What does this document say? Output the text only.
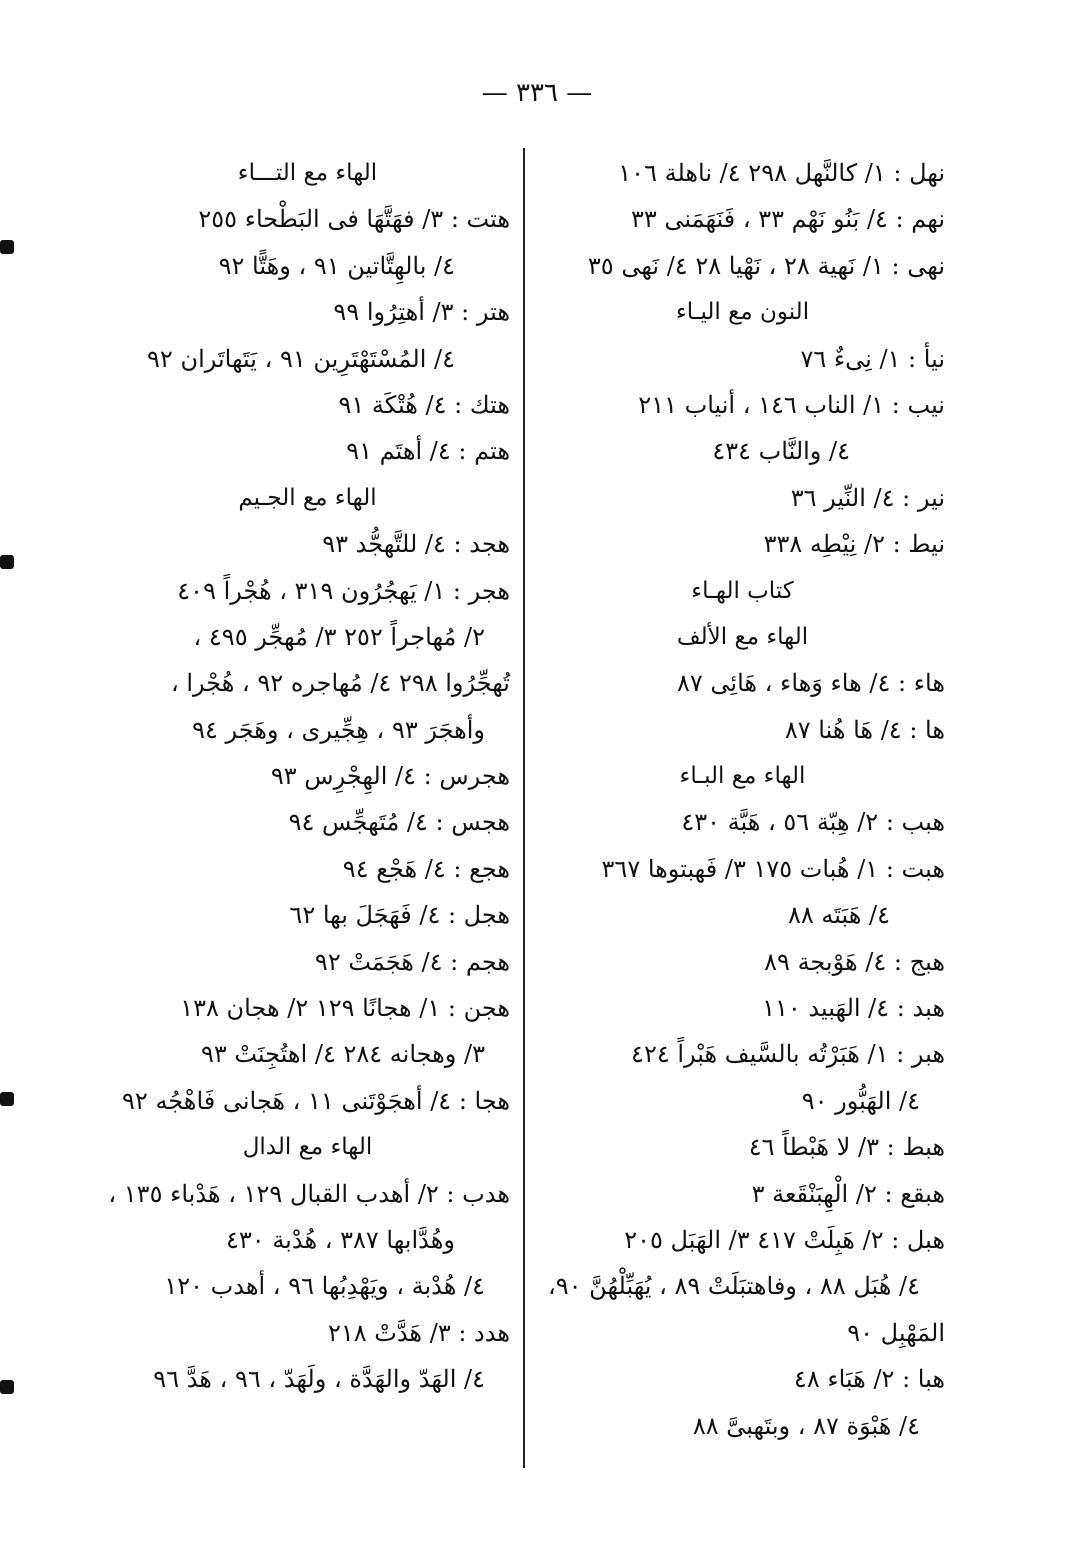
— ٣٣٦ —
نهل : ١/ كالنَّهل ٢٩٨ ٤/ ناهلة ١٠٦
نهم : ٤/ بَنُو نَهْم ٣٣ ، فَنَهَمَنى ٣٣
نهى : ١/ نَهية ٢٨ ، نَهْيا ٢٨ ٤/ نَهى ٣٥
النون مع اليـاء
نيأ : ١/ نِىءٌ ٧٦
نيب : ١/ الناب ١٤٦ ، أنياب ٢١١
٤/ والنَّاب ٤٣٤
نير : ٤/ النِّير ٣٦
نيط : ٢/ نِيْطِه ٣٣٨
كتاب الهـاء
الهاء مع الألف
هاء : ٤/ هاء وَهاء ، هَائِى ٨٧
ها : ٤/ هَا هُنا ٨٧
الهاء مع البـاء
هبب : ٢/ هِبّة ٥٦ ، هَبَّة ٤٣٠
هبت : ١/ هُبات ١٧٥ ٣/ فَهبتوها ٣٦٧
٤/ هَبَتَه ٨٨
هبج : ٤/ هَوْبجة ٨٩
هبد : ٤/ الهَبيد ١١٠
هبر : ١/ هَبَرْتُه بالسَّيف هَبْراً ٤٢٤
٤/ الهَبُّور ٩٠
هبط : ٣/ لا هَبْطاً ٤٦
هبقع : ٢/ الْهِبَنْقَعة ٣
هبل : ٢/ هَبِلَتْ ٤١٧ ٣/ الهَبَل ٢٠٥
٤/ هُبَل ٨٨ ، وفاهتبَلَتْ ٨٩ ، يُهَبِّلْهُنَّ ٩٠،
المَهْبِل ٩٠
هبا : ٢/ هَبَاء ٤٨
٤/ هَبْوَة ٨٧ ، وبتَهبىَّ ٨٨
الهاء مع التـــاء
هتت : ٣/ فهَتَّهَا فى البَطْحاء ٢٥٥
٤/ بالهِتَّاتين ٩١ ، وهَتًّا ٩٢
هتر : ٣/ أهتِرُوا ٩٩
٤/ المُسْتَهْتَرِين ٩١ ، يَتَهاتَران ٩٢
هتك : ٤/ هُتْكَة ٩١
هتم : ٤/ أهتَم ٩١
الهاء مع الجـيم
هجد : ٤/ للتَّهجُّد ٩٣
هجر : ١/ يَهجُرُون ٣١٩ ، هُجْراً ٤٠٩
٢/ مُهاجراً ٢٥٢ ٣/ مُهجِّر ٤٩٥ ،
تُهجِّرُوا ٢٩٨ ٤/ مُهاجره ٩٢ ، هُجْرا ،
وأهجَرَ ٩٣ ، هِجِّيرى ، وهَجَر ٩٤
هجرس : ٤/ الهِجْرِس ٩٣
هجس : ٤/ مُتَهجِّس ٩٤
هجع : ٤/ هَجْع ٩٤
هجل : ٤/ فَهَجَلَ بها ٦٢
هجم : ٤/ هَجَمَتْ ٩٢
هجن : ١/ هجانًا ١٢٩ ٢/ هجان ١٣٨
٣/ وهجانه ٢٨٤ ٤/ اهتُجِنَتْ ٩٣
هجا : ٤/ أهجَوْتَنى ١١ ، هَجانى فَاهْجُه ٩٢
الهاء مع الدال
هدب : ٢/ أهدب القبال ١٢٩ ، هَدْباء ١٣٥ ،
وهُدَّابها ٣٨٧ ، هُدْبة ٤٣٠
٤/ هُدْبة ، ويَهْدِبُها ٩٦ ، أهدب ١٢٠
هدد : ٣/ هَدَّتْ ٢١٨
٤/ الهَدّ والهَدَّة ، ولَهَدّ ، ٩٦ ، هَدَّ ٩٦
